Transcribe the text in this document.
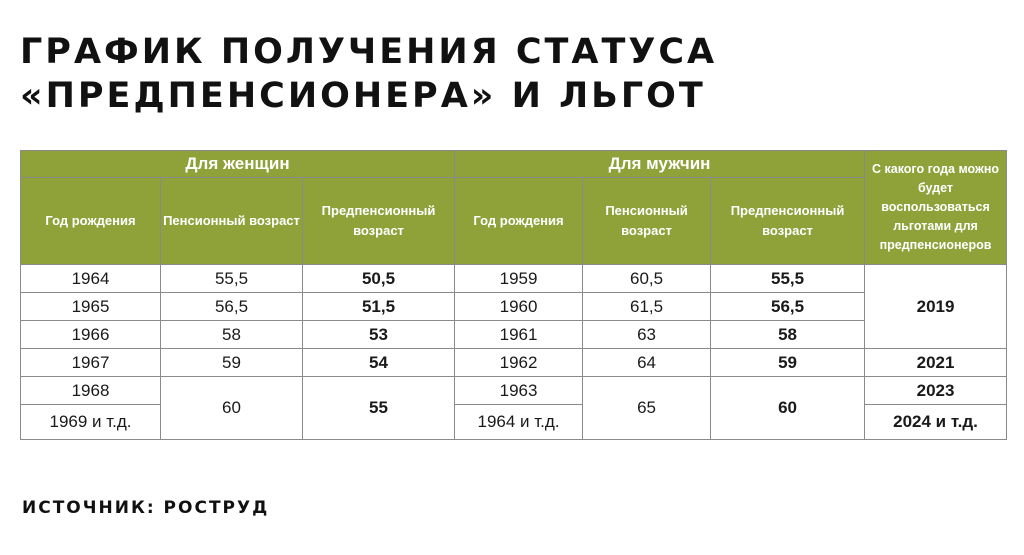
ГРАФИК ПОЛУЧЕНИЯ СТАТУСА
«ПРЕДПЕНСИОНЕРА» И ЛЬГОТ
Для женщин			Для мужчин			С какого года можно будет воспользоваться льготами для предпенсионеров
Год рождения	Пенсионный возраст	Предпенсионный возраст	Год рождения	Пенсионный возраст	Предпенсионный возраст	
1964	55,5	50,5	1959	60,5	55,5	2019
1965	56,5	51,5	1960	61,5	56,5	
1966	58	53	1961	63	58	
1967	59	54	1962	64	59	2021
1968	60	55	1963	65	60	2023
1969 и т.д.			1964 и т.д.			2024 и т.д.

ИСТОЧНИК: РОСТРУД
